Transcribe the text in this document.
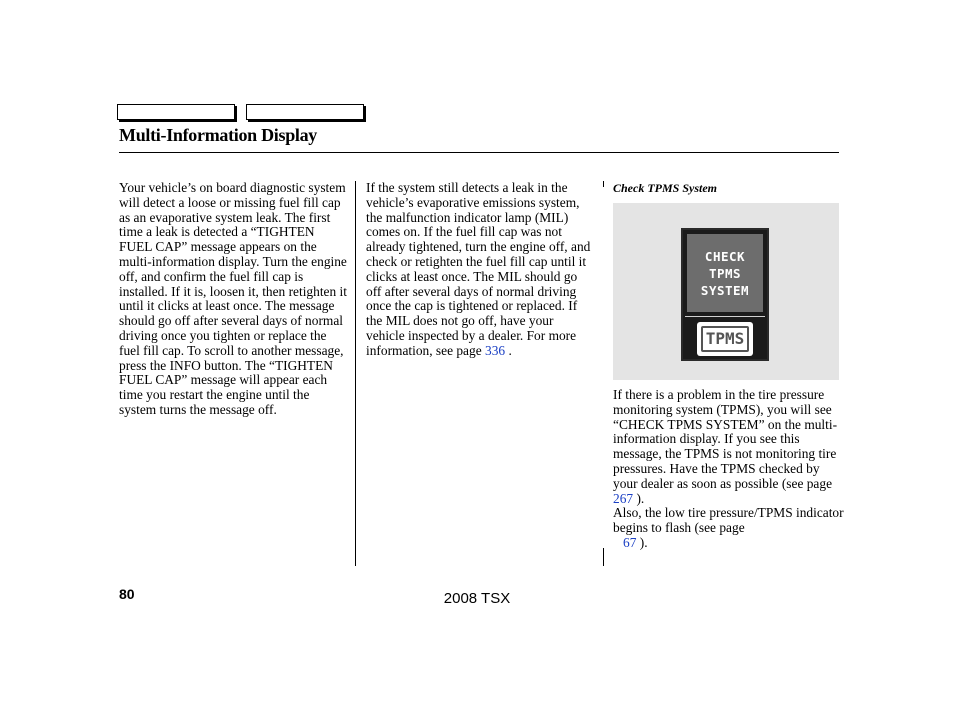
Multi-Information Display

Your vehicle’s on board diagnostic system will detect a loose or missing fuel fill cap as an evaporative system leak. The first time a leak is detected a “TIGHTEN FUEL CAP” message appears on the multi-information display. Turn the engine off, and confirm the fuel fill cap is installed. If it is, loosen it, then retighten it until it clicks at least once. The message should go off after several days of normal driving once you tighten or replace the fuel fill cap. To scroll to another message, press the INFO button. The “TIGHTEN FUEL CAP” message will appear each time you restart the engine until the system turns the message off.

If the system still detects a leak in the vehicle’s evaporative emissions system, the malfunction indicator lamp (MIL) comes on. If the fuel fill cap was not already tightened, turn the engine off, and check or retighten the fuel fill cap until it clicks at least once. The MIL should go off after several days of normal driving once the cap is tightened or replaced. If the MIL does not go off, have your vehicle inspected by a dealer. For more information, see page 336 .

Check TPMS System
CHECK
TPMS
SYSTEM
TPMS

If there is a problem in the tire pressure monitoring system (TPMS), you will see “CHECK TPMS SYSTEM” on the multi-information display. If you see this message, the TPMS is not monitoring tire pressures. Have the TPMS checked by your dealer as soon as possible (see page 267 ).

Also, the low tire pressure/TPMS indicator begins to flash (see page
67 ).

80	2008 TSX
